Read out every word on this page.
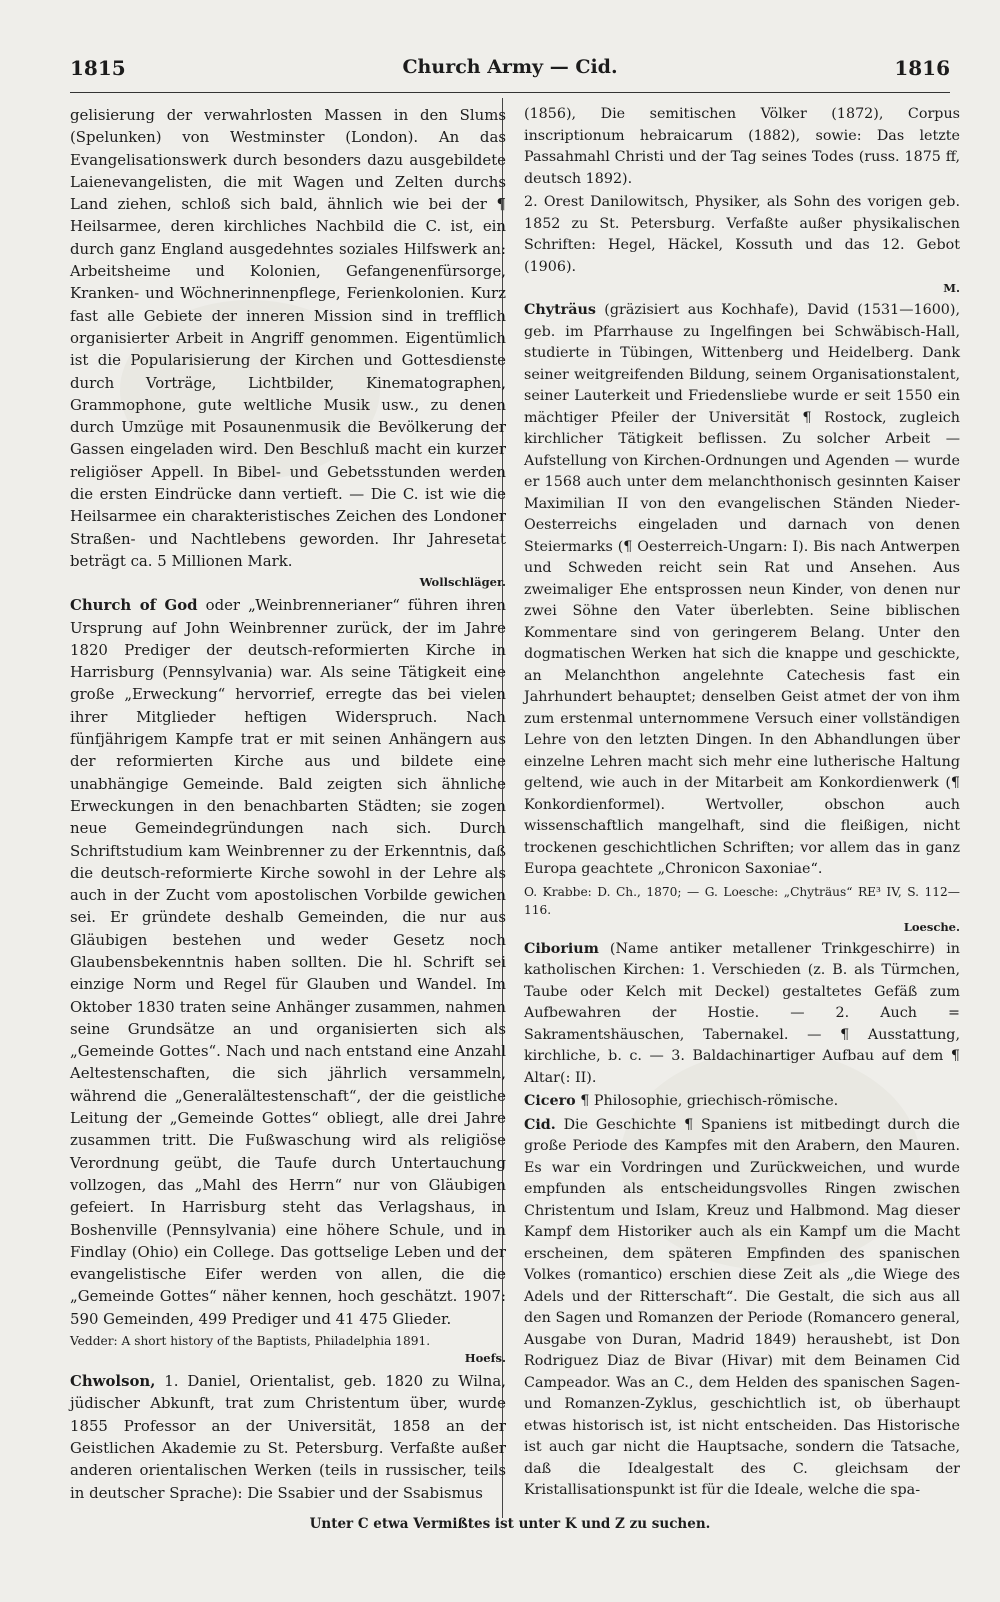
1815	Church Army — Cid.	1816

gelisierung der verwahrlosten Massen in den Slums (Spelunken) von Westminster (London). An das Evangelisationswerk durch besonders dazu ausgebildete Laienevangelisten, die mit Wagen und Zelten durchs Land ziehen, schloß sich bald, ähnlich wie bei der ¶ Heilsarmee, deren kirchliches Nachbild die C. ist, ein durch ganz England ausgedehntes soziales Hilfswerk an: Arbeitsheime und Kolonien, Gefangenenfürsorge, Kranken- und Wöchnerinnenpflege, Ferienkolonien. Kurz fast alle Gebiete der inneren Mission sind in trefflich organisierter Arbeit in Angriff genommen. Eigentümlich ist die Popularisierung der Kirchen und Gottesdienste durch Vorträge, Lichtbilder, Kinematographen, Grammophone, gute weltliche Musik usw., zu denen durch Umzüge mit Posaunenmusik die Bevölkerung der Gassen eingeladen wird. Den Beschluß macht ein kurzer religiöser Appell. In Bibel- und Gebetsstunden werden die ersten Eindrücke dann vertieft. — Die C. ist wie die Heilsarmee ein charakteristisches Zeichen des Londoner Straßen- und Nachtlebens geworden. Ihr Jahresetat beträgt ca. 5 Millionen Mark.

Wollschläger.

Church of God oder „Weinbrennerianer“ führen ihren Ursprung auf John Weinbrenner zurück, der im Jahre 1820 Prediger der deutsch-reformierten Kirche in Harrisburg (Pennsylvania) war. Als seine Tätigkeit eine große „Erweckung“ hervorrief, erregte das bei vielen ihrer Mitglieder heftigen Widerspruch. Nach fünfjährigem Kampfe trat er mit seinen Anhängern aus der reformierten Kirche aus und bildete eine unabhängige Gemeinde. Bald zeigten sich ähnliche Erweckungen in den benachbarten Städten; sie zogen neue Gemeindegründungen nach sich. Durch Schriftstudium kam Weinbrenner zu der Erkenntnis, daß die deutsch-reformierte Kirche sowohl in der Lehre als auch in der Zucht vom apostolischen Vorbilde gewichen sei. Er gründete deshalb Gemeinden, die nur aus Gläubigen bestehen und weder Gesetz noch Glaubensbekenntnis haben sollten. Die hl. Schrift sei einzige Norm und Regel für Glauben und Wandel. Im Oktober 1830 traten seine Anhänger zusammen, nahmen seine Grundsätze an und organisierten sich als „Gemeinde Gottes“. Nach und nach entstand eine Anzahl Aeltestenschaften, die sich jährlich versammeln, während die „Generalältestenschaft“, der die geistliche Leitung der „Gemeinde Gottes“ obliegt, alle drei Jahre zusammen tritt. Die Fußwaschung wird als religiöse Verordnung geübt, die Taufe durch Untertauchung vollzogen, das „Mahl des Herrn“ nur von Gläubigen gefeiert. In Harrisburg steht das Verlagshaus, in Boshenville (Pennsylvania) eine höhere Schule, und in Findlay (Ohio) ein College. Das gottselige Leben und der evangelistische Eifer werden von allen, die die „Gemeinde Gottes“ näher kennen, hoch geschätzt. 1907: 590 Gemeinden, 499 Prediger und 41 475 Glieder.

Vedder: A short history of the Baptists, Philadelphia 1891.

Hoefs.

Chwolson, 1. Daniel, Orientalist, geb. 1820 zu Wilna, jüdischer Abkunft, trat zum Christentum über, wurde 1855 Professor an der Universität, 1858 an der Geistlichen Akademie zu St. Petersburg. Verfaßte außer anderen orientalischen Werken (teils in russischer, teils in deutscher Sprache): Die Ssabier und der Ssabismus

(1856), Die semitischen Völker (1872), Corpus inscriptionum hebraicarum (1882), sowie: Das letzte Passahmahl Christi und der Tag seines Todes (russ. 1875 ff, deutsch 1892).

2. Orest Danilowitsch, Physiker, als Sohn des vorigen geb. 1852 zu St. Petersburg. Verfaßte außer physikalischen Schriften: Hegel, Häckel, Kossuth und das 12. Gebot (1906).

M.

Chyträus (gräzisiert aus Kochhafe), David (1531—1600), geb. im Pfarrhause zu Ingelfingen bei Schwäbisch-Hall, studierte in Tübingen, Wittenberg und Heidelberg. Dank seiner weitgreifenden Bildung, seinem Organisationstalent, seiner Lauterkeit und Friedensliebe wurde er seit 1550 ein mächtiger Pfeiler der Universität ¶ Rostock, zugleich kirchlicher Tätigkeit beflissen. Zu solcher Arbeit — Aufstellung von Kirchen-Ordnungen und Agenden — wurde er 1568 auch unter dem melanchthonisch gesinnten Kaiser Maximilian II von den evangelischen Ständen Nieder-Oesterreichs eingeladen und darnach von denen Steiermarks (¶ Oesterreich-Ungarn: I). Bis nach Antwerpen und Schweden reicht sein Rat und Ansehen. Aus zweimaliger Ehe entsprossen neun Kinder, von denen nur zwei Söhne den Vater überlebten. Seine biblischen Kommentare sind von geringerem Belang. Unter den dogmatischen Werken hat sich die knappe und geschickte, an Melanchthon angelehnte Catechesis fast ein Jahrhundert behauptet; denselben Geist atmet der von ihm zum erstenmal unternommene Versuch einer vollständigen Lehre von den letzten Dingen. In den Abhandlungen über einzelne Lehren macht sich mehr eine lutherische Haltung geltend, wie auch in der Mitarbeit am Konkordienwerk (¶ Konkordienformel). Wertvoller, obschon auch wissenschaftlich mangelhaft, sind die fleißigen, nicht trockenen geschichtlichen Schriften; vor allem das in ganz Europa geachtete „Chronicon Saxoniae“.

O. Krabbe: D. Ch., 1870; — G. Loesche: „Chyträus“ RE³ IV, S. 112—116.

Loesche.

Ciborium (Name antiker metallener Trinkgeschirre) in katholischen Kirchen: 1. Verschieden (z. B. als Türmchen, Taube oder Kelch mit Deckel) gestaltetes Gefäß zum Aufbewahren der Hostie. — 2. Auch = Sakramentshäuschen, Tabernakel. — ¶ Ausstattung, kirchliche, b. c. — 3. Baldachinartiger Aufbau auf dem ¶ Altar(: II).

Cicero ¶ Philosophie, griechisch-römische.

Cid. Die Geschichte ¶ Spaniens ist mitbedingt durch die große Periode des Kampfes mit den Arabern, den Mauren. Es war ein Vordringen und Zurückweichen, und wurde empfunden als entscheidungsvolles Ringen zwischen Christentum und Islam, Kreuz und Halbmond. Mag dieser Kampf dem Historiker auch als ein Kampf um die Macht erscheinen, dem späteren Empfinden des spanischen Volkes (romantico) erschien diese Zeit als „die Wiege des Adels und der Ritterschaft“. Die Gestalt, die sich aus all den Sagen und Romanzen der Periode (Romancero general, Ausgabe von Duran, Madrid 1849) heraushebt, ist Don Rodriguez Diaz de Bivar (Hivar) mit dem Beinamen Cid Campeador. Was an C., dem Helden des spanischen Sagen- und Romanzen-Zyklus, geschichtlich ist, ob überhaupt etwas historisch ist, ist nicht entscheiden. Das Historische ist auch gar nicht die Hauptsache, sondern die Tatsache, daß die Idealgestalt des C. gleichsam der Kristallisationspunkt ist für die Ideale, welche die spa-

Unter C etwa Vermißtes ist unter K und Z zu suchen.
